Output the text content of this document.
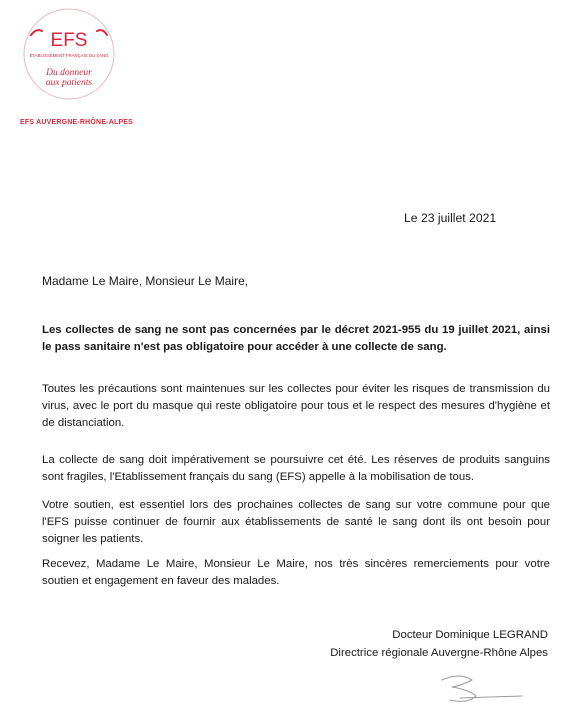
EFS
ÉTABLISSEMENT FRANÇAIS DU SANG
Du donneur
aux patients

EFS AUVERGNE-RHÔNE-ALPES

Le 23 juillet 2021

Madame Le Maire, Monsieur Le Maire,

Les collectes de sang ne sont pas concernées par le décret 2021-955 du 19 juillet 2021, ainsi le pass sanitaire n'est pas obligatoire pour accéder à une collecte de sang.

Toutes les précautions sont maintenues sur les collectes pour éviter les risques de transmission du virus, avec le port du masque qui reste obligatoire pour tous et le respect des mesures d'hygiène et de distanciation.

La collecte de sang doit impérativement se poursuivre cet été. Les réserves de produits sanguins sont fragiles, l'Etablissement français du sang (EFS) appelle à la mobilisation de tous.

Votre soutien, est essentiel lors des prochaines collectes de sang sur votre commune pour que l'EFS puisse continuer de fournir aux établissements de santé le sang dont ils ont besoin pour soigner les patients.

Recevez, Madame Le Maire, Monsieur Le Maire, nos très sincères remerciements pour votre soutien et engagement en faveur des malades.

Docteur Dominique LEGRAND

Directrice régionale Auvergne-Rhône Alpes
